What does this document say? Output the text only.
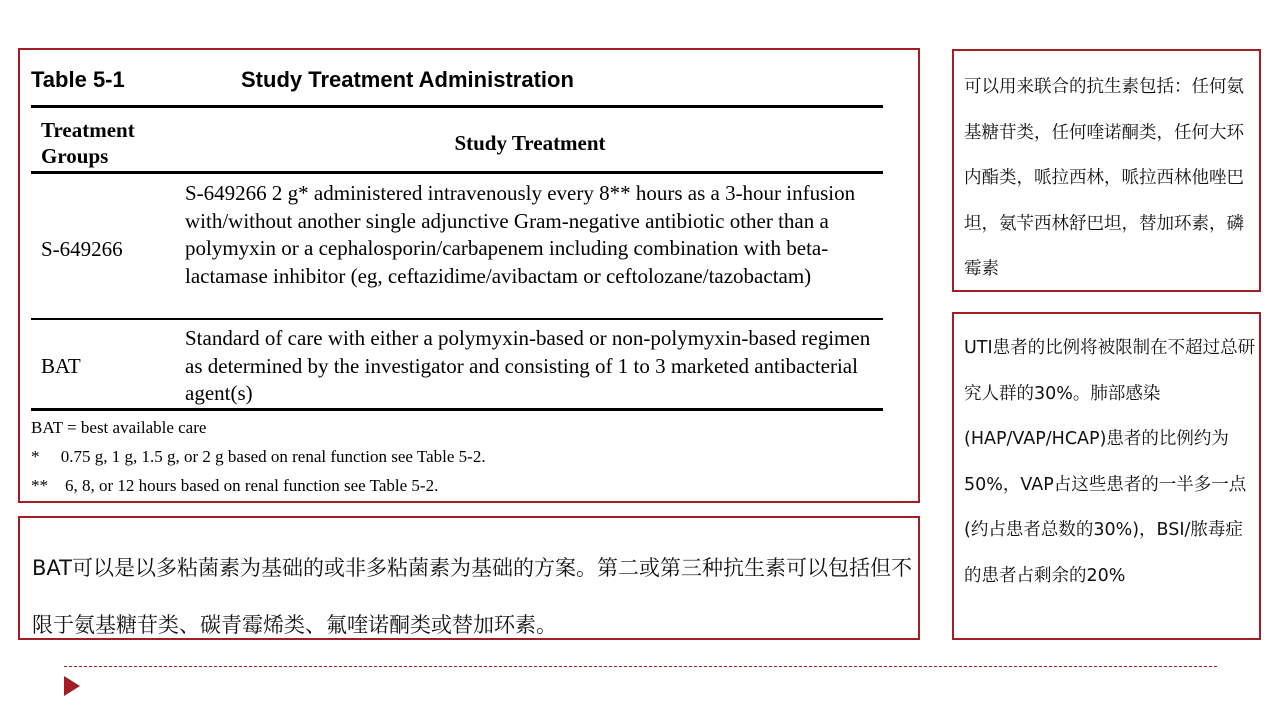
Table 5-1	Study Treatment Administration
Treatment Groups
Study Treatment
S-649266
S-649266 2 g* administered intravenously every 8** hours as a 3-hour infusion with/without another single adjunctive Gram-negative antibiotic other than a polymyxin or a cephalosporin/carbapenem including combination with beta-lactamase inhibitor (eg, ceftazidime/avibactam or ceftolozane/tazobactam)
BAT
Standard of care with either a polymyxin-based or non-polymyxin-based regimen as determined by the investigator and consisting of 1 to 3 marketed antibacterial agent(s)
BAT = best available care
*     0.75 g, 1 g, 1.5 g, or 2 g based on renal function see Table 5-2.
**    6, 8, or 12 hours based on renal function see Table 5-2.
BAT可以是以多粘菌素为基础的或非多粘菌素为基础的方案。第二或第三种抗生素可以包括但不限于氨基糖苷类、碳青霉烯类、氟喹诺酮类或替加环素。
可以用来联合的抗生素包括：任何氨基糖苷类，任何喹诺酮类，任何大环内酯类，哌拉西林，哌拉西林他唑巴坦，氨苄西林舒巴坦，替加环素，磷霉素
UTI患者的比例将被限制在不超过总研究人群的30%。肺部感染(HAP/VAP/HCAP)患者的比例约为50%，VAP占这些患者的一半多一点(约占患者总数的30%)，BSI/脓毒症的患者占剩余的20%
